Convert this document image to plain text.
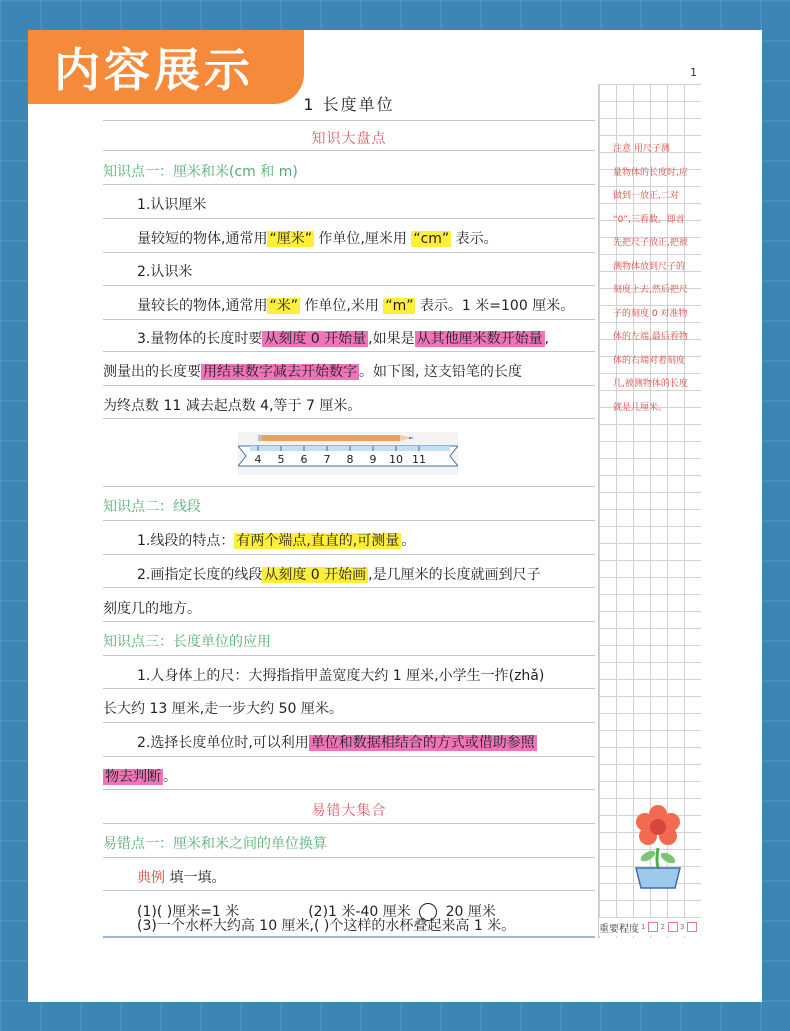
内容展示	1
注意 用尺子测
量物体的长度时,应
做到一放正,二对
“0”,三看数。即首
先把尺子放正,把被
测物体放到尺子的
刻度上去,然后把尺
子的刻度 0 对准物
体的左端,最后看物
体的右端对着刻度
几,被测物体的长度
就是几厘米。
重要程度 1 2 3
1 长度单位
知识大盘点
知识点一：厘米和米(cm 和 m)
1.认识厘米
量较短的物体,通常用 “厘米” 作单位,厘米用 “cm” 表示。
2.认识米
量较长的物体,通常用 “米” 作单位,米用 “m” 表示。1 米=100 厘米。
3.量物体的长度时要 从刻度 0 开始量 ,如果是 从其他厘米数开始量 ,
测量出的长度要 用结束数字减去开始数字 。如下图, 这支铅笔的长度
为终点数 11 减去起点数 4,等于 7 厘米。
知识点二：线段
1.线段的特点： 有两个端点,直直的,可测量 。
2.画指定长度的线段 从刻度 0 开始画 ,是几厘米的长度就画到尺子
刻度几的地方。
知识点三：长度单位的应用
1.人身体上的尺：大拇指指甲盖宽度大约 1 厘米,小学生一拃(zhǎ)
长大约 13 厘米,走一步大约 50 厘米。
2.选择长度单位时,可以利用 单位和数据相结合的方式或借助参照
物去判断 。
易错大集合
易错点一：厘米和米之间的单位换算
典例 填一填。
(1)( )厘米=1 米	(2)1 米-40 厘米 20 厘米
(3)一个水杯大约高 10 厘米,( )个这样的水杯叠起来高 1 米。
4 5 6 7 8 9 10 11
